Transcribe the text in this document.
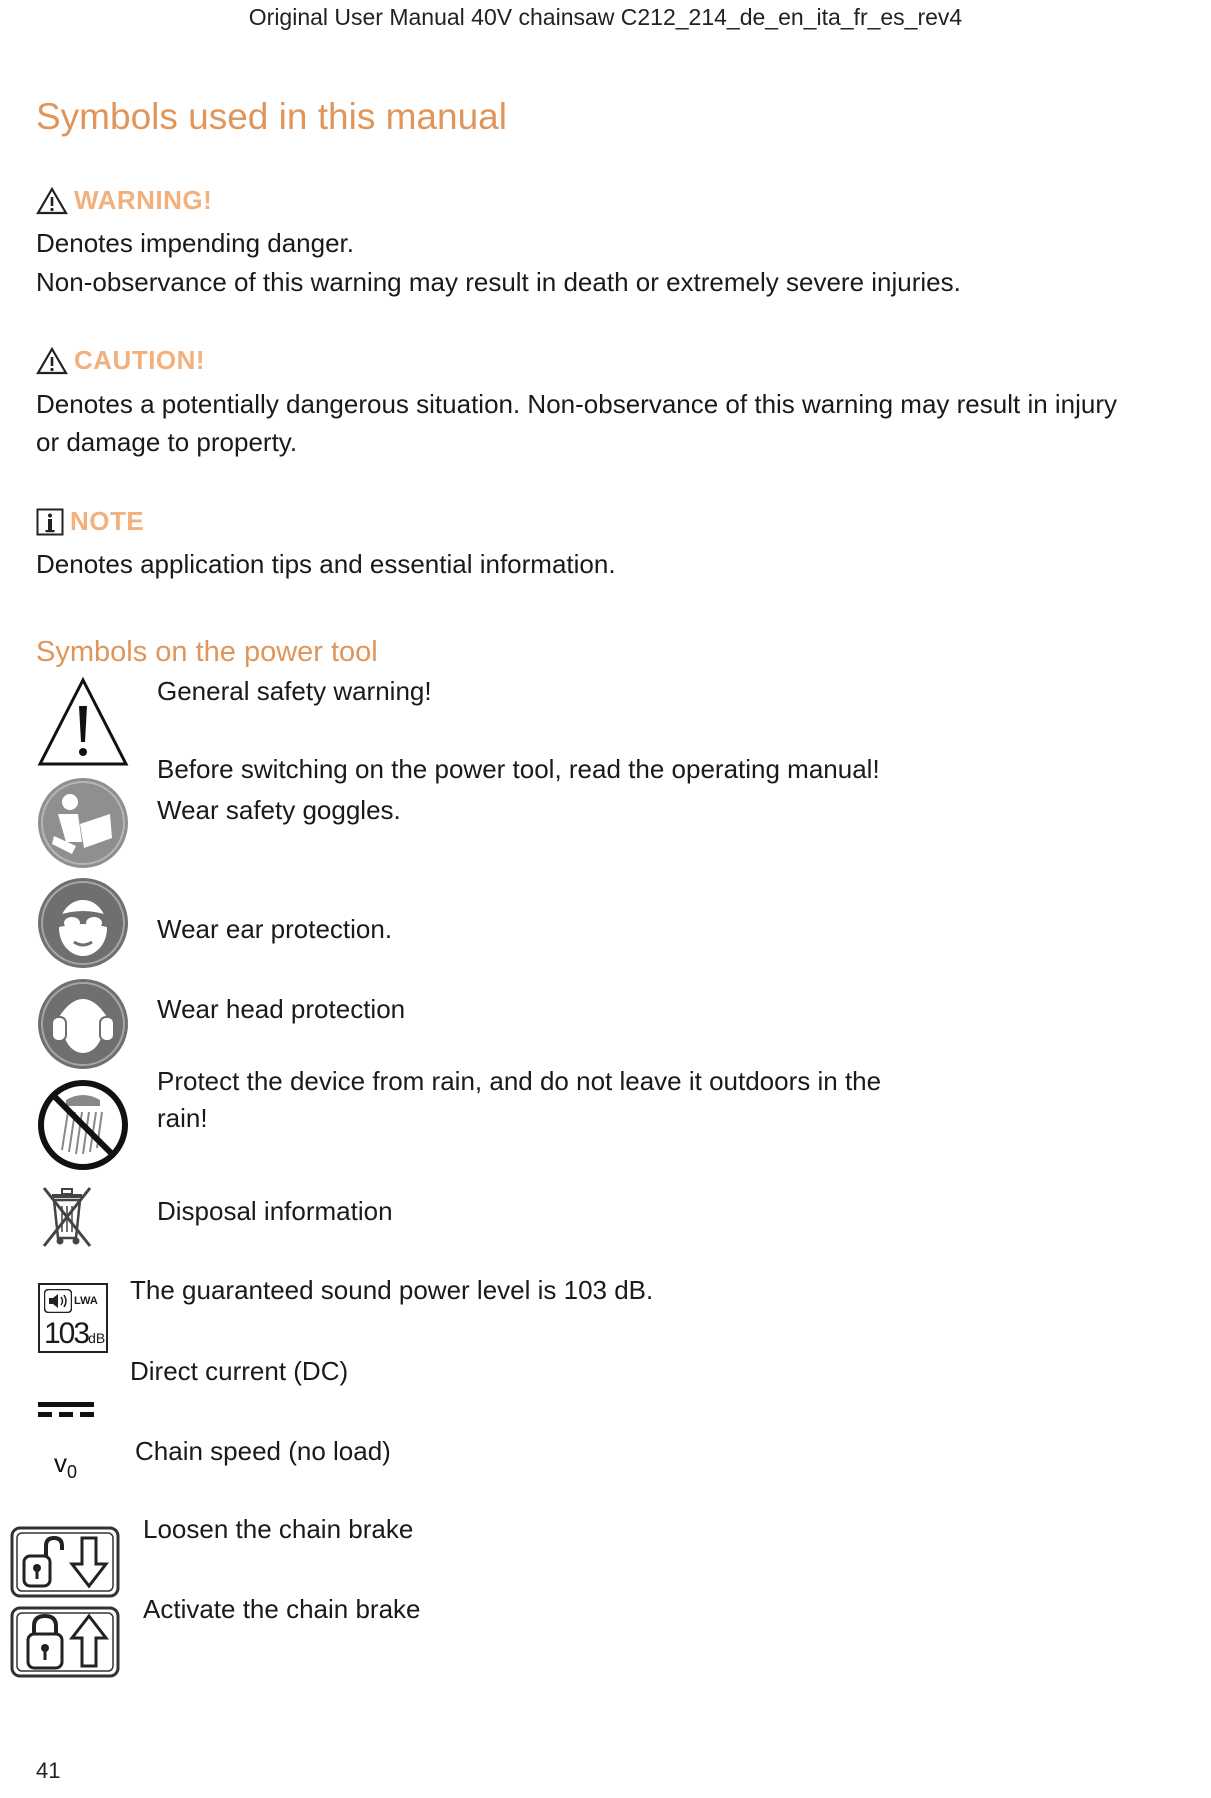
Original User Manual 40V chainsaw C212_214_de_en_ita_fr_es_rev4
Symbols used in this manual
WARNING!
Denotes impending danger.
Non-observance of this warning may result in death or extremely severe injuries.
CAUTION!
Denotes a potentially dangerous situation. Non-observance of this warning may result in injury
or damage to property.
NOTE
Denotes application tips and essential information.
Symbols on the power tool
General safety warning!
Before switching on the power tool, read the operating manual!
Wear safety goggles.
Wear ear protection.
Wear head protection
Protect the device from rain, and do not leave it outdoors in the
rain!
Disposal information
LWA
103dB
The guaranteed sound power level is 103 dB.
Direct current (DC)
$v_0$
Chain speed (no load)
Loosen the chain brake
Activate the chain brake
41
